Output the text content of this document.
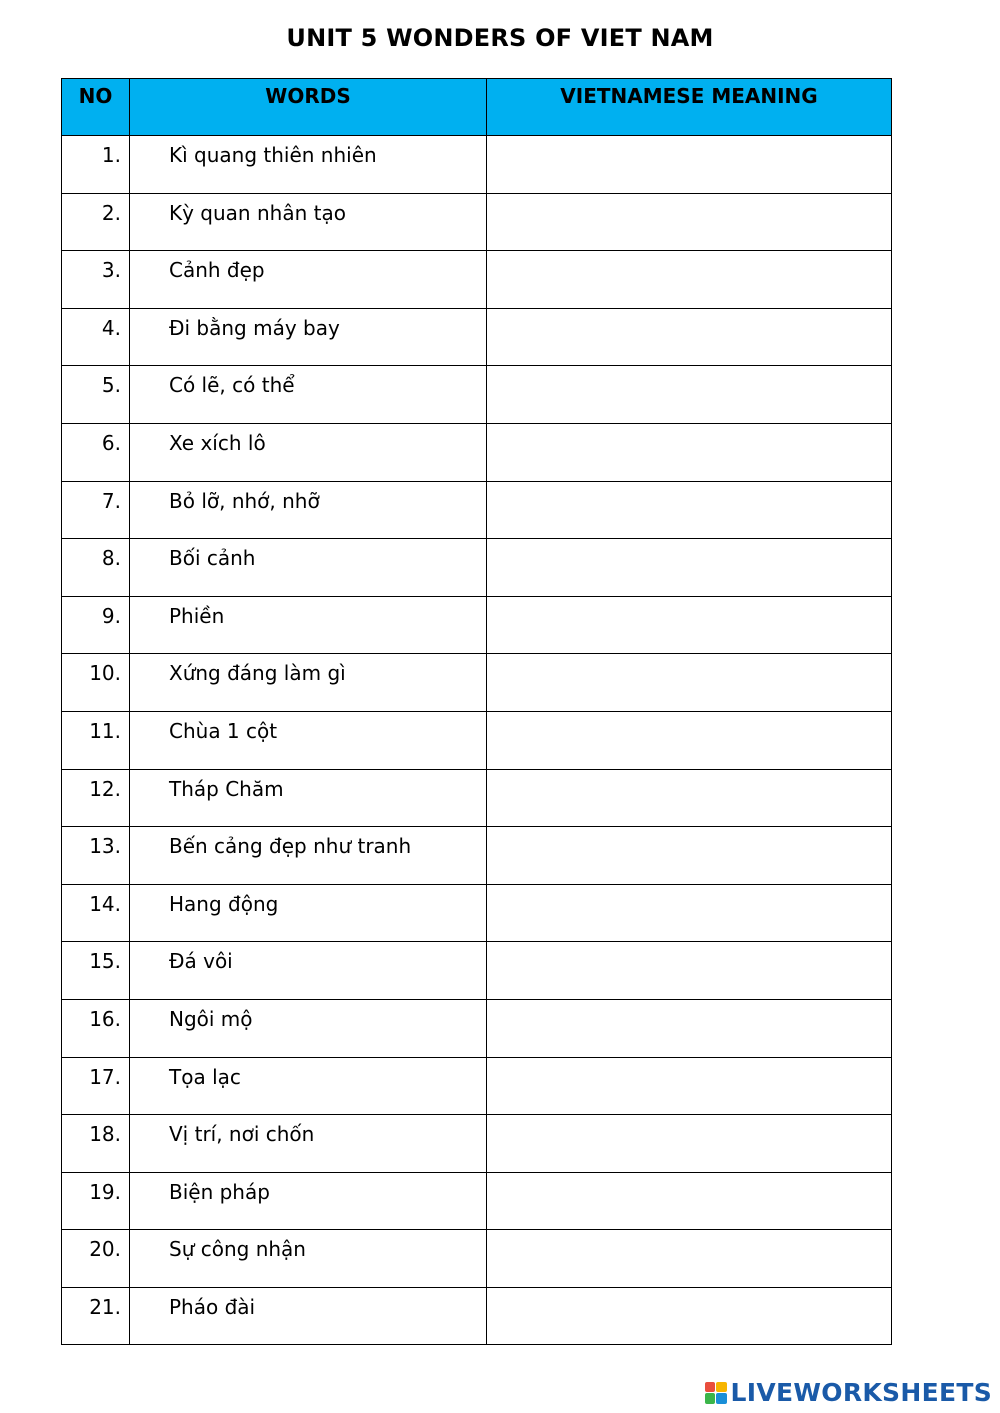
UNIT 5 WONDERS OF VIET NAM
NO	WORDS	VIETNAMESE MEANING
1.	Kì quang thiên nhiên	
2.	Kỳ quan nhân tạo	
3.	Cảnh đẹp	
4.	Đi bằng máy bay	
5.	Có lẽ, có thể	
6.	Xe xích lô	
7.	Bỏ lỡ, nhớ, nhỡ	
8.	Bối cảnh	
9.	Phiền	
10.	Xứng đáng làm gì	
11.	Chùa 1 cột	
12.	Tháp Chăm	
13.	Bến cảng đẹp như tranh	
14.	Hang động	
15.	Đá vôi	
16.	Ngôi mộ	
17.	Tọa lạc	
18.	Vị trí, nơi chốn	
19.	Biện pháp	
20.	Sự công nhận	
21.	Pháo đài	
LIVEWORKSHEETS
